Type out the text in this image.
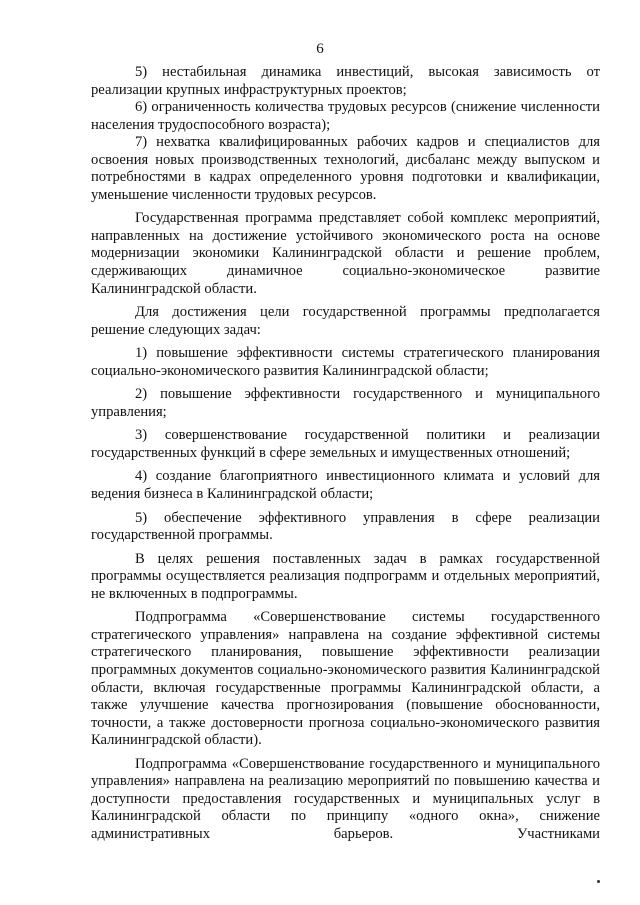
6

5) нестабильная динамика инвестиций, высокая зависимость от реализации крупных инфраструктурных проектов;

6) ограниченность количества трудовых ресурсов (снижение численности населения трудоспособного возраста);

7) нехватка квалифицированных рабочих кадров и специалистов для освоения новых производственных технологий, дисбаланс между выпуском и потребностями в кадрах определенного уровня подготовки и квалификации, уменьшение численности трудовых ресурсов.

Государственная программа представляет собой комплекс мероприятий, направленных на достижение устойчивого экономического роста на основе модернизации экономики Калининградской области и решение проблем, сдерживающих динамичное социально-экономическое развитие Калининградской области.

Для достижения цели государственной программы предполагается решение следующих задач:

1) повышение эффективности системы стратегического планирования социально-экономического развития Калининградской области;

2) повышение эффективности государственного и муниципального управления;

3) совершенствование государственной политики и реализации государственных функций в сфере земельных и имущественных отношений;

4) создание благоприятного инвестиционного климата и условий для ведения бизнеса в Калининградской области;

5) обеспечение эффективного управления в сфере реализации государственной программы.

В целях решения поставленных задач в рамках государственной программы осуществляется реализация подпрограмм и отдельных мероприятий, не включенных в подпрограммы.

Подпрограмма «Совершенствование системы государственного стратегического управления» направлена на создание эффективной системы стратегического планирования, повышение эффективности реализации программных документов социально-экономического развития Калининградской области, включая государственные программы Калининградской области, а также улучшение качества прогнозирования (повышение обоснованности, точности, а также достоверности прогноза социально-экономического развития Калининградской области).

Подпрограмма «Совершенствование государственного и муниципального управления» направлена на реализацию мероприятий по повышению качества и доступности предоставления государственных и муниципальных услуг в Калининградской области по принципу «одного окна», снижение административных барьеров. Участниками
